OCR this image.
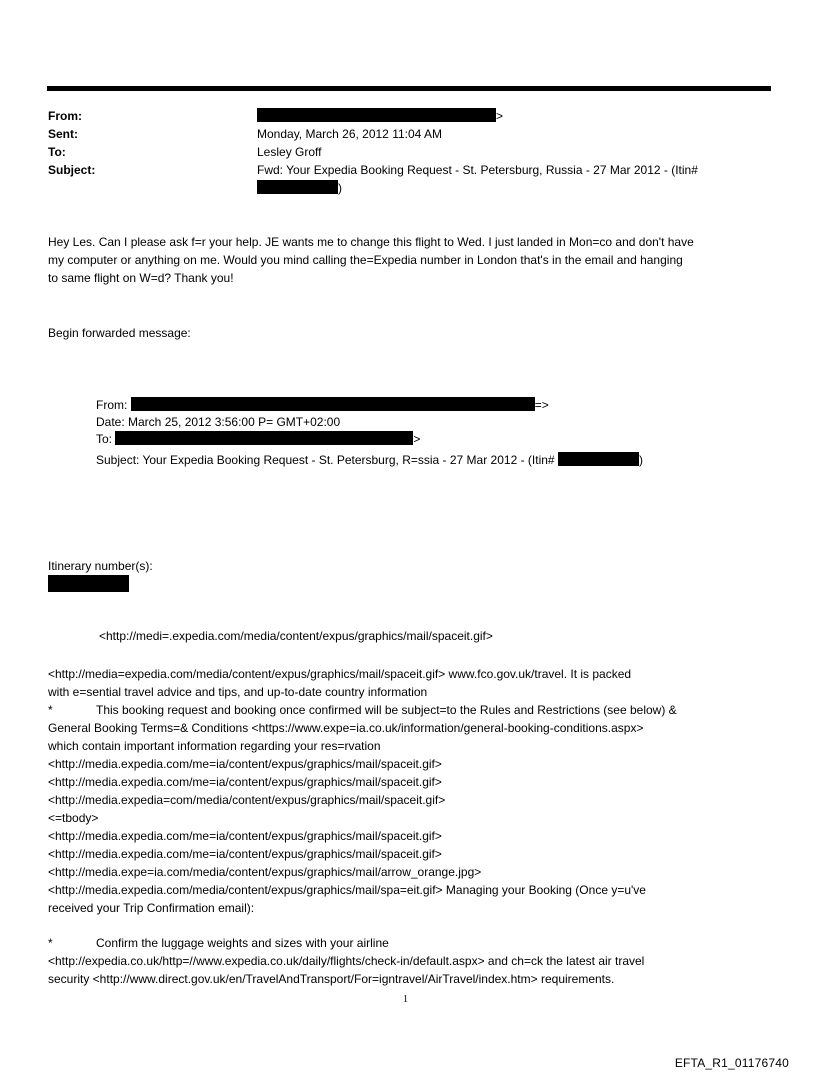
From:	>
Sent:	Monday, March 26, 2012 11:04 AM
To:	Lesley Groff
Subject:	Fwd: Your Expedia Booking Request - St. Petersburg, Russia - 27 Mar 2012 - (Itin#
)
Hey Les. Can I please ask f=r your help. JE wants me to change this flight to Wed. I just landed in Mon=co and don't have
my computer or anything on me. Would you mind calling the=Expedia number in London that's in the email and hanging
to same flight on W=d? Thank you!
Begin forwarded message:
From:	=>
Date: March 25, 2012 3:56:00 P= GMT+02:00
To:	>
Subject: Your Expedia Booking Request - St. Petersburg, R=ssia - 27 Mar 2012 - (Itin#	)
Itinerary number(s):
<http://medi=.expedia.com/media/content/expus/graphics/mail/spaceit.gif>
<http://media=expedia.com/media/content/expus/graphics/mail/spaceit.gif> www.fco.gov.uk/travel. It is packed
with e=sential travel advice and tips, and up-to-date country information
*	This booking request and booking once confirmed will be subject=to the Rules and Restrictions (see below) &
General Booking Terms=& Conditions <https://www.expe=ia.co.uk/information/general-booking-conditions.aspx>
which contain important information regarding your res=rvation
<http://media.expedia.com/me=ia/content/expus/graphics/mail/spaceit.gif>
<http://media.expedia.com/me=ia/content/expus/graphics/mail/spaceit.gif>
<http://media.expedia=com/media/content/expus/graphics/mail/spaceit.gif>
<=tbody>
<http://media.expedia.com/me=ia/content/expus/graphics/mail/spaceit.gif>
<http://media.expedia.com/me=ia/content/expus/graphics/mail/spaceit.gif>
<http://media.expe=ia.com/media/content/expus/graphics/mail/arrow_orange.jpg>
<http://media.expedia.com/media/content/expus/graphics/mail/spa=eit.gif> Managing your Booking (Once y=u've
received your Trip Confirmation email):
*	Confirm the luggage weights and sizes with your airline
<http://expedia.co.uk/http=//www.expedia.co.uk/daily/flights/check-in/default.aspx> and ch=ck the latest air travel
security <http://www.direct.gov.uk/en/TravelAndTransport/For=igntravel/AirTravel/index.htm> requirements.
1
EFTA_R1_01176740
